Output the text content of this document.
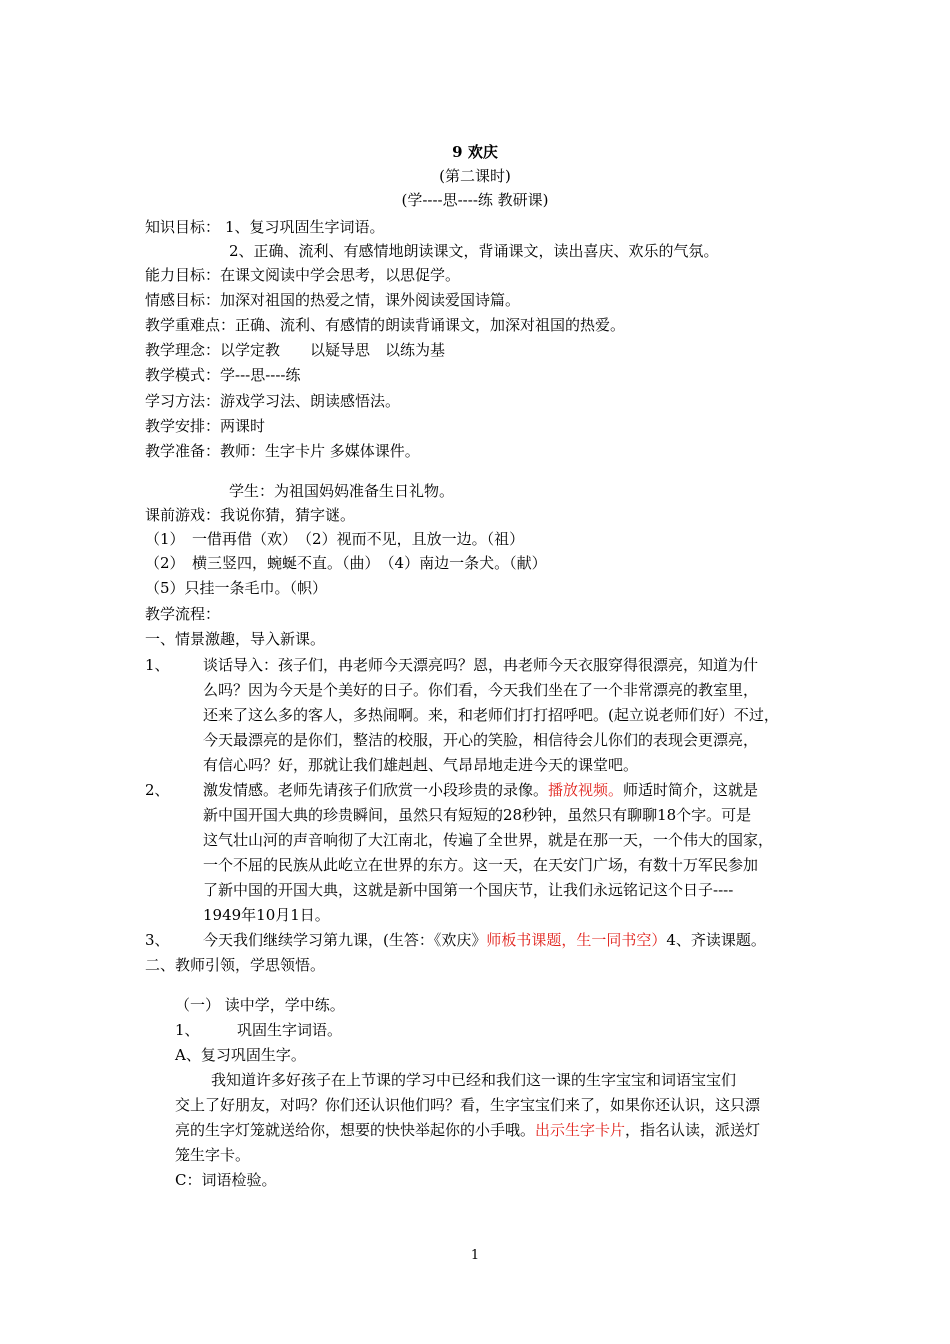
9 欢庆
(第二课时)
(学----思----练 教研课)
知识目标： 1、复习巩固生字词语。
2、正确、流利、有感情地朗读课文，背诵课文，读出喜庆、欢乐的气氛。
能力目标：在课文阅读中学会思考，以思促学。
情感目标：加深对祖国的热爱之情，课外阅读爱国诗篇。
教学重难点：正确、流利、有感情的朗读背诵课文，加深对祖国的热爱。
教学理念：以学定教　　以疑导思　以练为基
教学模式：学---思----练
学习方法：游戏学习法、朗读感悟法。
教学安排：两课时
教学准备：教师：生字卡片 多媒体课件。
学生：为祖国妈妈准备生日礼物。
课前游戏：我说你猜，猜字谜。
（1）　一借再借（欢）　（2）视而不见，且放一边。（祖）
（2）　横三竖四，蜿蜒不直。（曲）　（4）南边一条犬。（献）
（5）只挂一条毛巾。（帜）
教学流程：
一、情景激趣，导入新课。
1、 谈话导入：孩子们，冉老师今天漂亮吗？恩，冉老师今天衣服穿得很漂亮，知道为什
么吗？因为今天是个美好的日子。你们看，今天我们坐在了一个非常漂亮的教室里，
还来了这么多的客人，多热闹啊。来，和老师们打打招呼吧。(起立说老师们好）不过，
今天最漂亮的是你们，整洁的校服，开心的笑脸，相信待会儿你们的表现会更漂亮，
有信心吗？好，那就让我们雄赳赳、气昂昂地走进今天的课堂吧。
2、 激发情感。老师先请孩子们欣赏一小段珍贵的录像。播放视频。师适时简介，这就是
新中国开国大典的珍贵瞬间，虽然只有短短的28秒钟，虽然只有聊聊18个字。可是
这气壮山河的声音响彻了大江南北，传遍了全世界，就是在那一天，一个伟大的国家，
一个不屈的民族从此屹立在世界的东方。这一天，在天安门广场，有数十万军民参加
了新中国的开国大典，这就是新中国第一个国庆节，让我们永远铭记这个日子----
1949年10月1日。
3、 今天我们继续学习第九课，(生答：《欢庆》师板书课题，生一同书空）4、齐读课题。
二、教师引领，学思领悟。
（一） 读中学，学中练。
1、 巩固生字词语。
A、复习巩固生字。
我知道许多好孩子在上节课的学习中已经和我们这一课的生字宝宝和词语宝宝们
交上了好朋友，对吗？你们还认识他们吗？看，生字宝宝们来了，如果你还认识，这只漂
亮的生字灯笼就送给你，想要的快快举起你的小手哦。出示生字卡片，指名认读，派送灯
笼生字卡。
C：词语检验。
1
